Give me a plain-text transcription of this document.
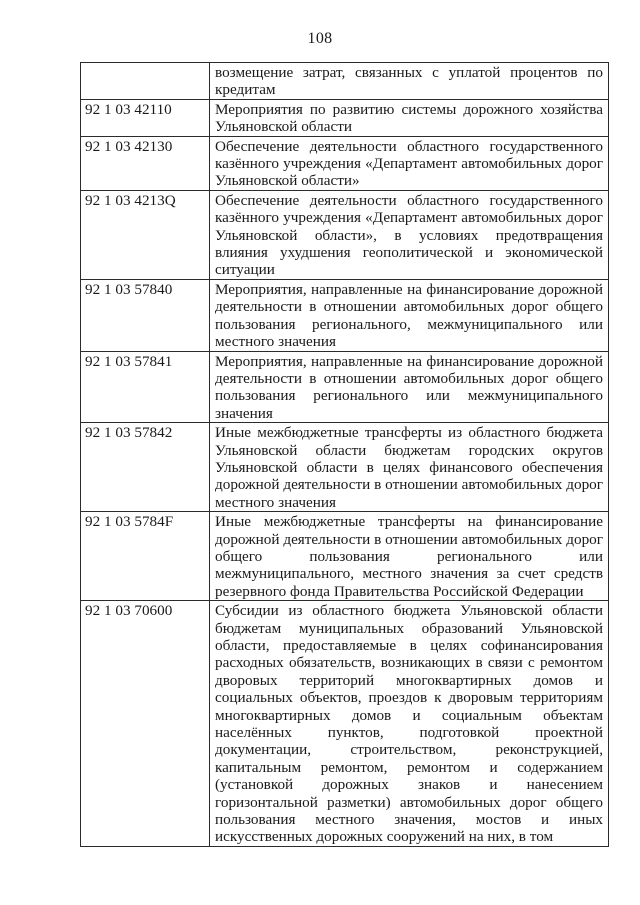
108
	возмещение затрат, связанных с уплатой процентов по кредитам
92 1 03 42110	Мероприятия по развитию системы дорожного хозяйства Ульяновской области
92 1 03 42130	Обеспечение деятельности областного государственного казённого учреждения «Департамент автомобильных дорог Ульяновской области»
92 1 03 4213Q	Обеспечение деятельности областного государственного казённого учреждения «Департамент автомобильных дорог Ульяновской области», в условиях предотвращения влияния ухудшения геополитической и экономической ситуации
92 1 03 57840	Мероприятия, направленные на финансирование дорожной деятельности в отношении автомобильных дорог общего пользования регионального, межмуниципального или местного значения
92 1 03 57841	Мероприятия, направленные на финансирование дорожной деятельности в отношении автомобильных дорог общего пользования регионального или межмуниципального значения
92 1 03 57842	Иные межбюджетные трансферты из областного бюджета Ульяновской области бюджетам городских округов Ульяновской области в целях финансового обеспечения дорожной деятельности в отношении автомобильных дорог местного значения
92 1 03 5784F	Иные межбюджетные трансферты на финансирование дорожной деятельности в отношении автомобильных дорог общего пользования регионального или межмуниципального, местного значения за счет средств резервного фонда Правительства Российской Федерации
92 1 03 70600	Субсидии из областного бюджета Ульяновской области бюджетам муниципальных образований Ульяновской области, предоставляемые в целях софинансирования расходных обязательств, возникающих в связи с ремонтом дворовых территорий многоквартирных домов и социальных объектов, проездов к дворовым территориям многоквартирных домов и социальным объектам населённых пунктов, подготовкой проектной документации, строительством, реконструкцией, капитальным ремонтом, ремонтом и содержанием (установкой дорожных знаков и нанесением горизонтальной разметки) автомобильных дорог общего пользования местного значения, мостов и иных искусственных дорожных сооружений на них, в том
